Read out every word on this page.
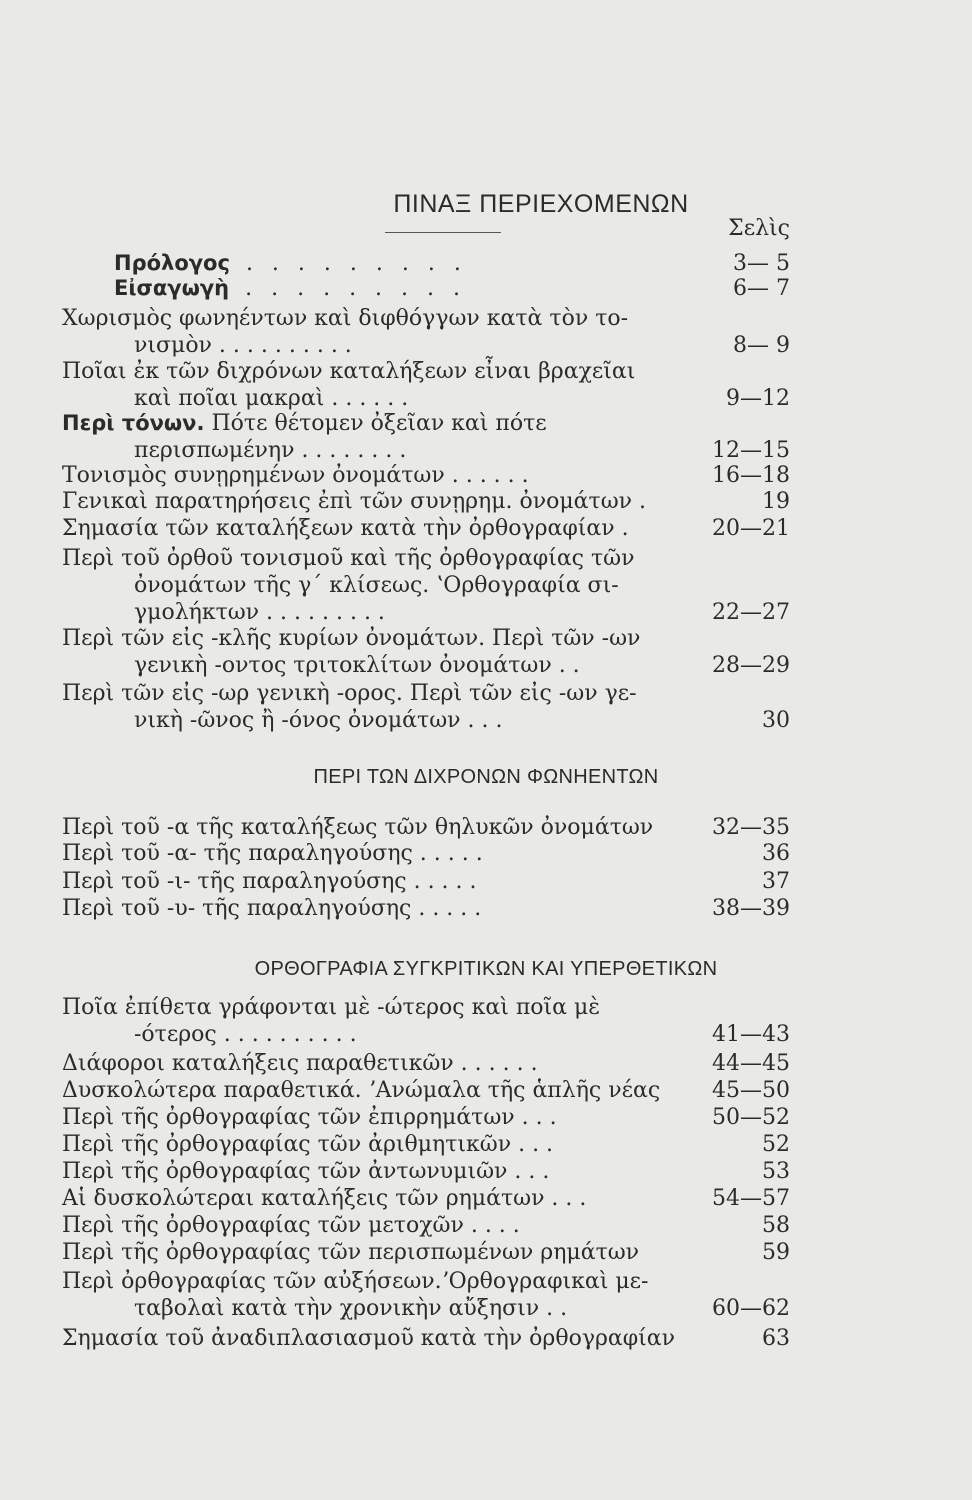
ΠΙΝΑΞ ΠΕΡΙΕΧΟΜΕΝΩΝ
Σελὶς
Πρόλογος . . . . . . . . .	3— 5
Εἰσαγωγὴ . . . . . . . . .	6— 7
Χωρισμὸς φωνηέντων καὶ διφθόγγων κατὰ τὸν το-
νισμὸν . . . . . . . . . .	8— 9
Ποῖαι ἐκ τῶν διχρόνων καταλήξεων εἶναι βραχεῖαι
καὶ ποῖαι μακραὶ . . . . . .	9—12
Περὶ τόνων. Πότε θέτομεν ὀξεῖαν καὶ πότε
περισπωμένην . . . . . . . .	12—15
Τονισμὸς συνῃρημένων ὀνομάτων . . . . . .	16—18
Γενικαὶ παρατηρήσεις ἐπὶ τῶν συνῃρημ. ὀνομάτων .	19
Σημασία τῶν καταλήξεων κατὰ τὴν ὀρθογραφίαν .	20—21
Περὶ τοῦ ὀρθοῦ τονισμοῦ καὶ τῆς ὀρθογραφίας τῶν
ὀνομάτων τῆς γ΄ κλίσεως. ʽΟρθογραφία σι-
γμολήκτων . . . . . . . . .	22—27
Περὶ τῶν εἰς -κλῆς κυρίων ὀνομάτων. Περὶ τῶν -ων
γενικὴ -οντος τριτοκλίτων ὀνομάτων . .	28—29
Περὶ τῶν εἰς -ωρ γενικὴ -ορος. Περὶ τῶν εἰς -ων γε-
νικὴ -ῶνος ἢ -όνος ὀνομάτων . . .	30
ΠΕΡΙ ΤΩΝ ΔΙΧΡΟΝΩΝ ΦΩΝΗΕΝΤΩΝ
Περὶ τοῦ -α τῆς καταλήξεως τῶν θηλυκῶν ὀνομάτων	32—35
Περὶ τοῦ -α- τῆς παραληγούσης . . . . .	36
Περὶ τοῦ -ι- τῆς παραληγούσης . . . . .	37
Περὶ τοῦ -υ- τῆς παραληγούσης . . . . .	38—39
ΟΡΘΟΓΡΑΦΙΑ ΣΥΓΚΡΙΤΙΚΩΝ ΚΑΙ ΥΠΕΡΘΕΤΙΚΩΝ
Ποῖα ἐπίθετα γράφονται μὲ -ώτερος καὶ ποῖα μὲ
-ότερος . . . . . . . . . .	41—43
Διάφοροι καταλήξεις παραθετικῶν . . . . . .	44—45
Δυσκολώτερα παραθετικά. ʼΑνώμαλα τῆς ἁπλῆς νέας 45—50
Περὶ τῆς ὀρθογραφίας τῶν ἐπιρρημάτων . . .	50—52
Περὶ τῆς ὀρθογραφίας τῶν ἀριθμητικῶν . . .	52
Περὶ τῆς ὀρθογραφίας τῶν ἀντωνυμιῶν . . .	53
Αἱ δυσκολώτεραι καταλήξεις τῶν ρημάτων . . .	54—57
Περὶ τῆς ὀρθογραφίας τῶν μετοχῶν . . . .	58
Περὶ τῆς ὀρθογραφίας τῶν περισπωμένων ρημάτων	59
Περὶ ὀρθογραφίας τῶν αὐξήσεων.ʼΟρθογραφικαὶ με-
ταβολαὶ κατὰ τὴν χρονικὴν αὔξησιν . .	60—62
Σημασία τοῦ ἀναδιπλασιασμοῦ κατὰ τὴν ὀρθογραφίαν	63
